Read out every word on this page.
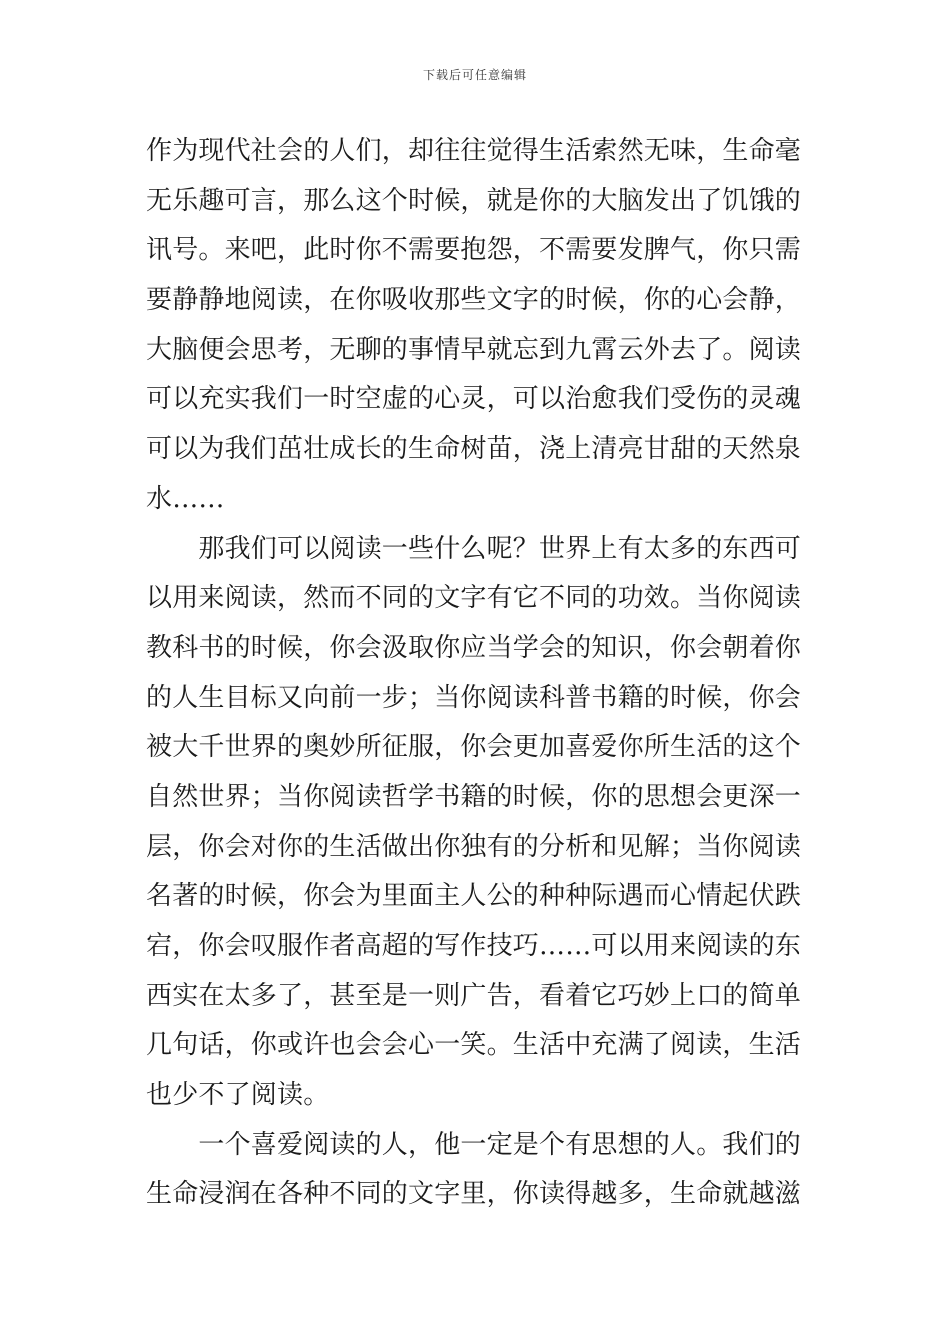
下载后可任意编辑
作为现代社会的人们，却往往觉得生活索然无味，生命毫
无乐趣可言，那么这个时候，就是你的大脑发出了饥饿的
讯号。来吧，此时你不需要抱怨，不需要发脾气，你只需
要静静地阅读，在你吸收那些文字的时候，你的心会静，
大脑便会思考，无聊的事情早就忘到九霄云外去了。阅读
可以充实我们一时空虚的心灵，可以治愈我们受伤的灵魂
可以为我们茁壮成长的生命树苗，浇上清亮甘甜的天然泉
水……
　　那我们可以阅读一些什么呢？世界上有太多的东西可
以用来阅读，然而不同的文字有它不同的功效。当你阅读
教科书的时候，你会汲取你应当学会的知识，你会朝着你
的人生目标又向前一步；当你阅读科普书籍的时候，你会
被大千世界的奥妙所征服，你会更加喜爱你所生活的这个
自然世界；当你阅读哲学书籍的时候，你的思想会更深一
层，你会对你的生活做出你独有的分析和见解；当你阅读
名著的时候，你会为里面主人公的种种际遇而心情起伏跌
宕，你会叹服作者高超的写作技巧……可以用来阅读的东
西实在太多了，甚至是一则广告，看着它巧妙上口的简单
几句话，你或许也会会心一笑。生活中充满了阅读，生活
也少不了阅读。
　　一个喜爱阅读的人，他一定是个有思想的人。我们的
生命浸润在各种不同的文字里，你读得越多，生命就越滋
